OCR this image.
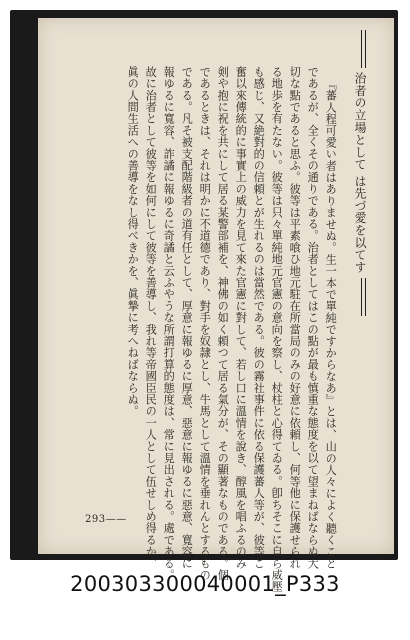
治者の立場として は先づ愛を以てす
『蕃人程可愛い者はありませぬ。生一本で單純ですからなあ』とは、山の人々によく聽くこと
であるが、全くその通りである。治者としてはこの點が最も慎重な態度を以て望まねばならぬ大
切な點であると思ふ。彼等は平素喰ひ地元駐在所當局のみの好意に依頼し、何等他に保護せられ
る地歩を有たない。彼等は只々單純地元官憲の意向を察し、杖柱と心得てゐる。卽ちそこに自ら威壓
も感じ、又絶對的の信頼とが生れるのは當然である。彼の霧社事件に依る保護蕃人等が、彼等こ
奮以來傳統的に事實上の威力を見て來た官憲に對して、若し口に溫情を說き、醇風を唱ふるのみ
剣や抱に祝を共にして居る某警部補を、神佛の如く頼つて居る氣分が、その顯著なものである。個
であるときは、それは明かに不道德であり、對手を奴隷とし、牛馬として溫情を垂れんとするもの
である。凡そ被支配階級者の道有任として、厚意に報ゆるに厚意、惡意に報ゆるに惡意、寬容に
報ゆるに寬容、詐譎に報ゆるに奇譎と云ふやうな所謂打算的態度は、常に見出される。處である。
故に治者として彼等を如何にして彼等を善導し、我れ等帝國臣民の一人として伍せしめ得るか、
眞の人間生活への善導をなし得べきかを、眞摯に考へねばならぬ。
293——
200303300040001_P333
